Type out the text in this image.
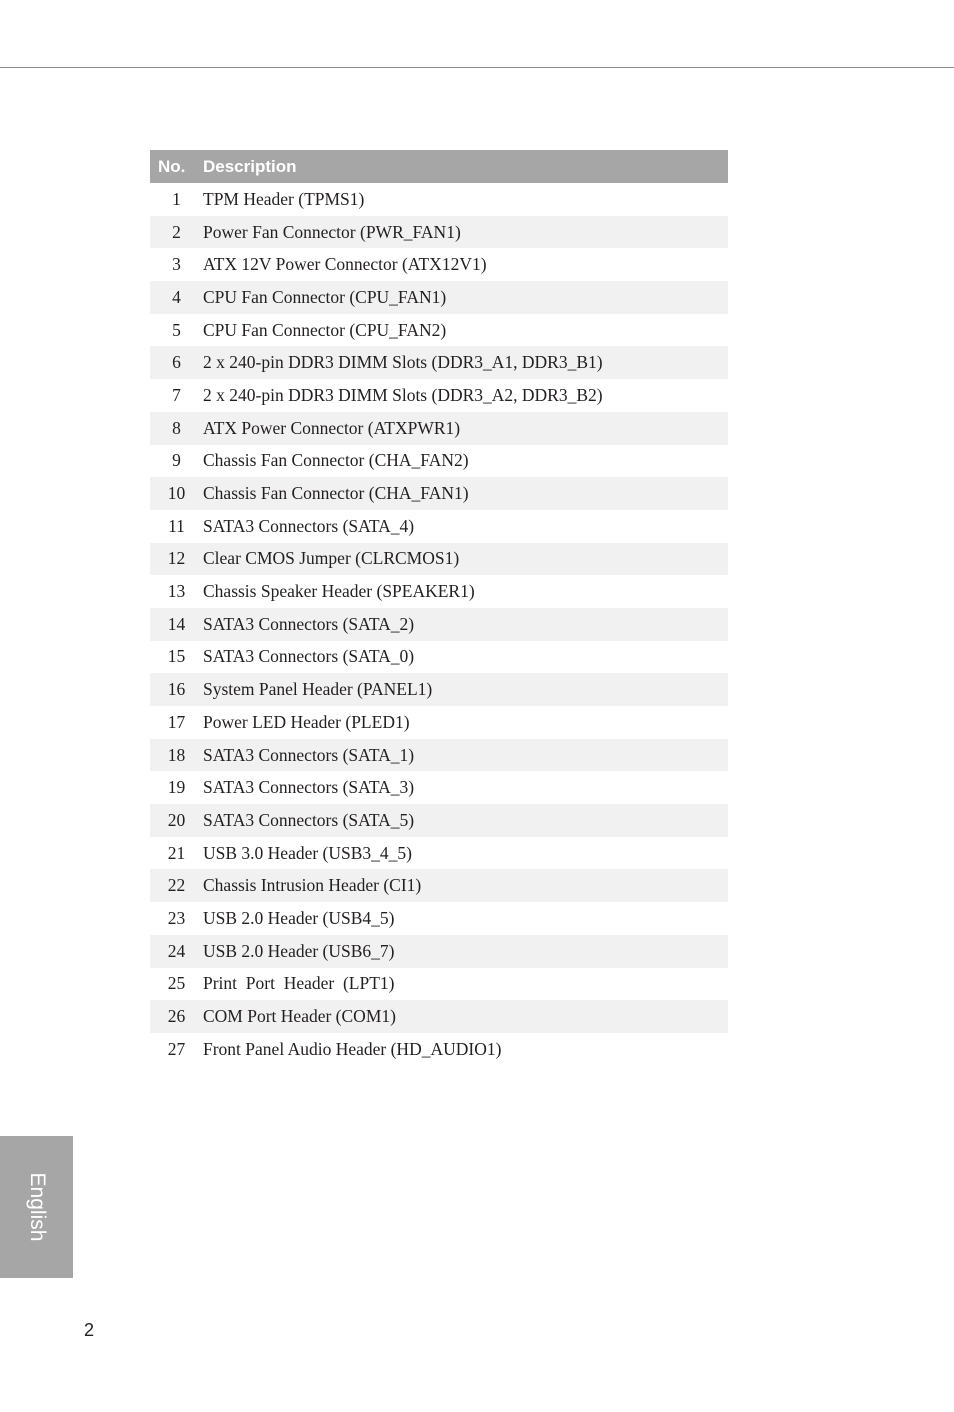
No.	Description
1	TPM Header (TPMS1)
2	Power Fan Connector (PWR_FAN1)
3	ATX 12V Power Connector (ATX12V1)
4	CPU Fan Connector (CPU_FAN1)
5	CPU Fan Connector (CPU_FAN2)
6	2 x 240-pin DDR3 DIMM Slots (DDR3_A1, DDR3_B1)
7	2 x 240-pin DDR3 DIMM Slots (DDR3_A2, DDR3_B2)
8	ATX Power Connector (ATXPWR1)
9	Chassis Fan Connector (CHA_FAN2)
10	Chassis Fan Connector (CHA_FAN1)
11	SATA3 Connectors (SATA_4)
12	Clear CMOS Jumper (CLRCMOS1)
13	Chassis Speaker Header (SPEAKER1)
14	SATA3 Connectors (SATA_2)
15	SATA3 Connectors (SATA_0)
16	System Panel Header (PANEL1)
17	Power LED Header (PLED1)
18	SATA3 Connectors (SATA_1)
19	SATA3 Connectors (SATA_3)
20	SATA3 Connectors (SATA_5)
21	USB 3.0 Header (USB3_4_5)
22	Chassis Intrusion Header (CI1)
23	USB 2.0 Header (USB4_5)
24	USB 2.0 Header (USB6_7)
25	Print  Port  Header  (LPT1)
26	COM Port Header (COM1)
27	Front Panel Audio Header (HD_AUDIO1)
English
2
